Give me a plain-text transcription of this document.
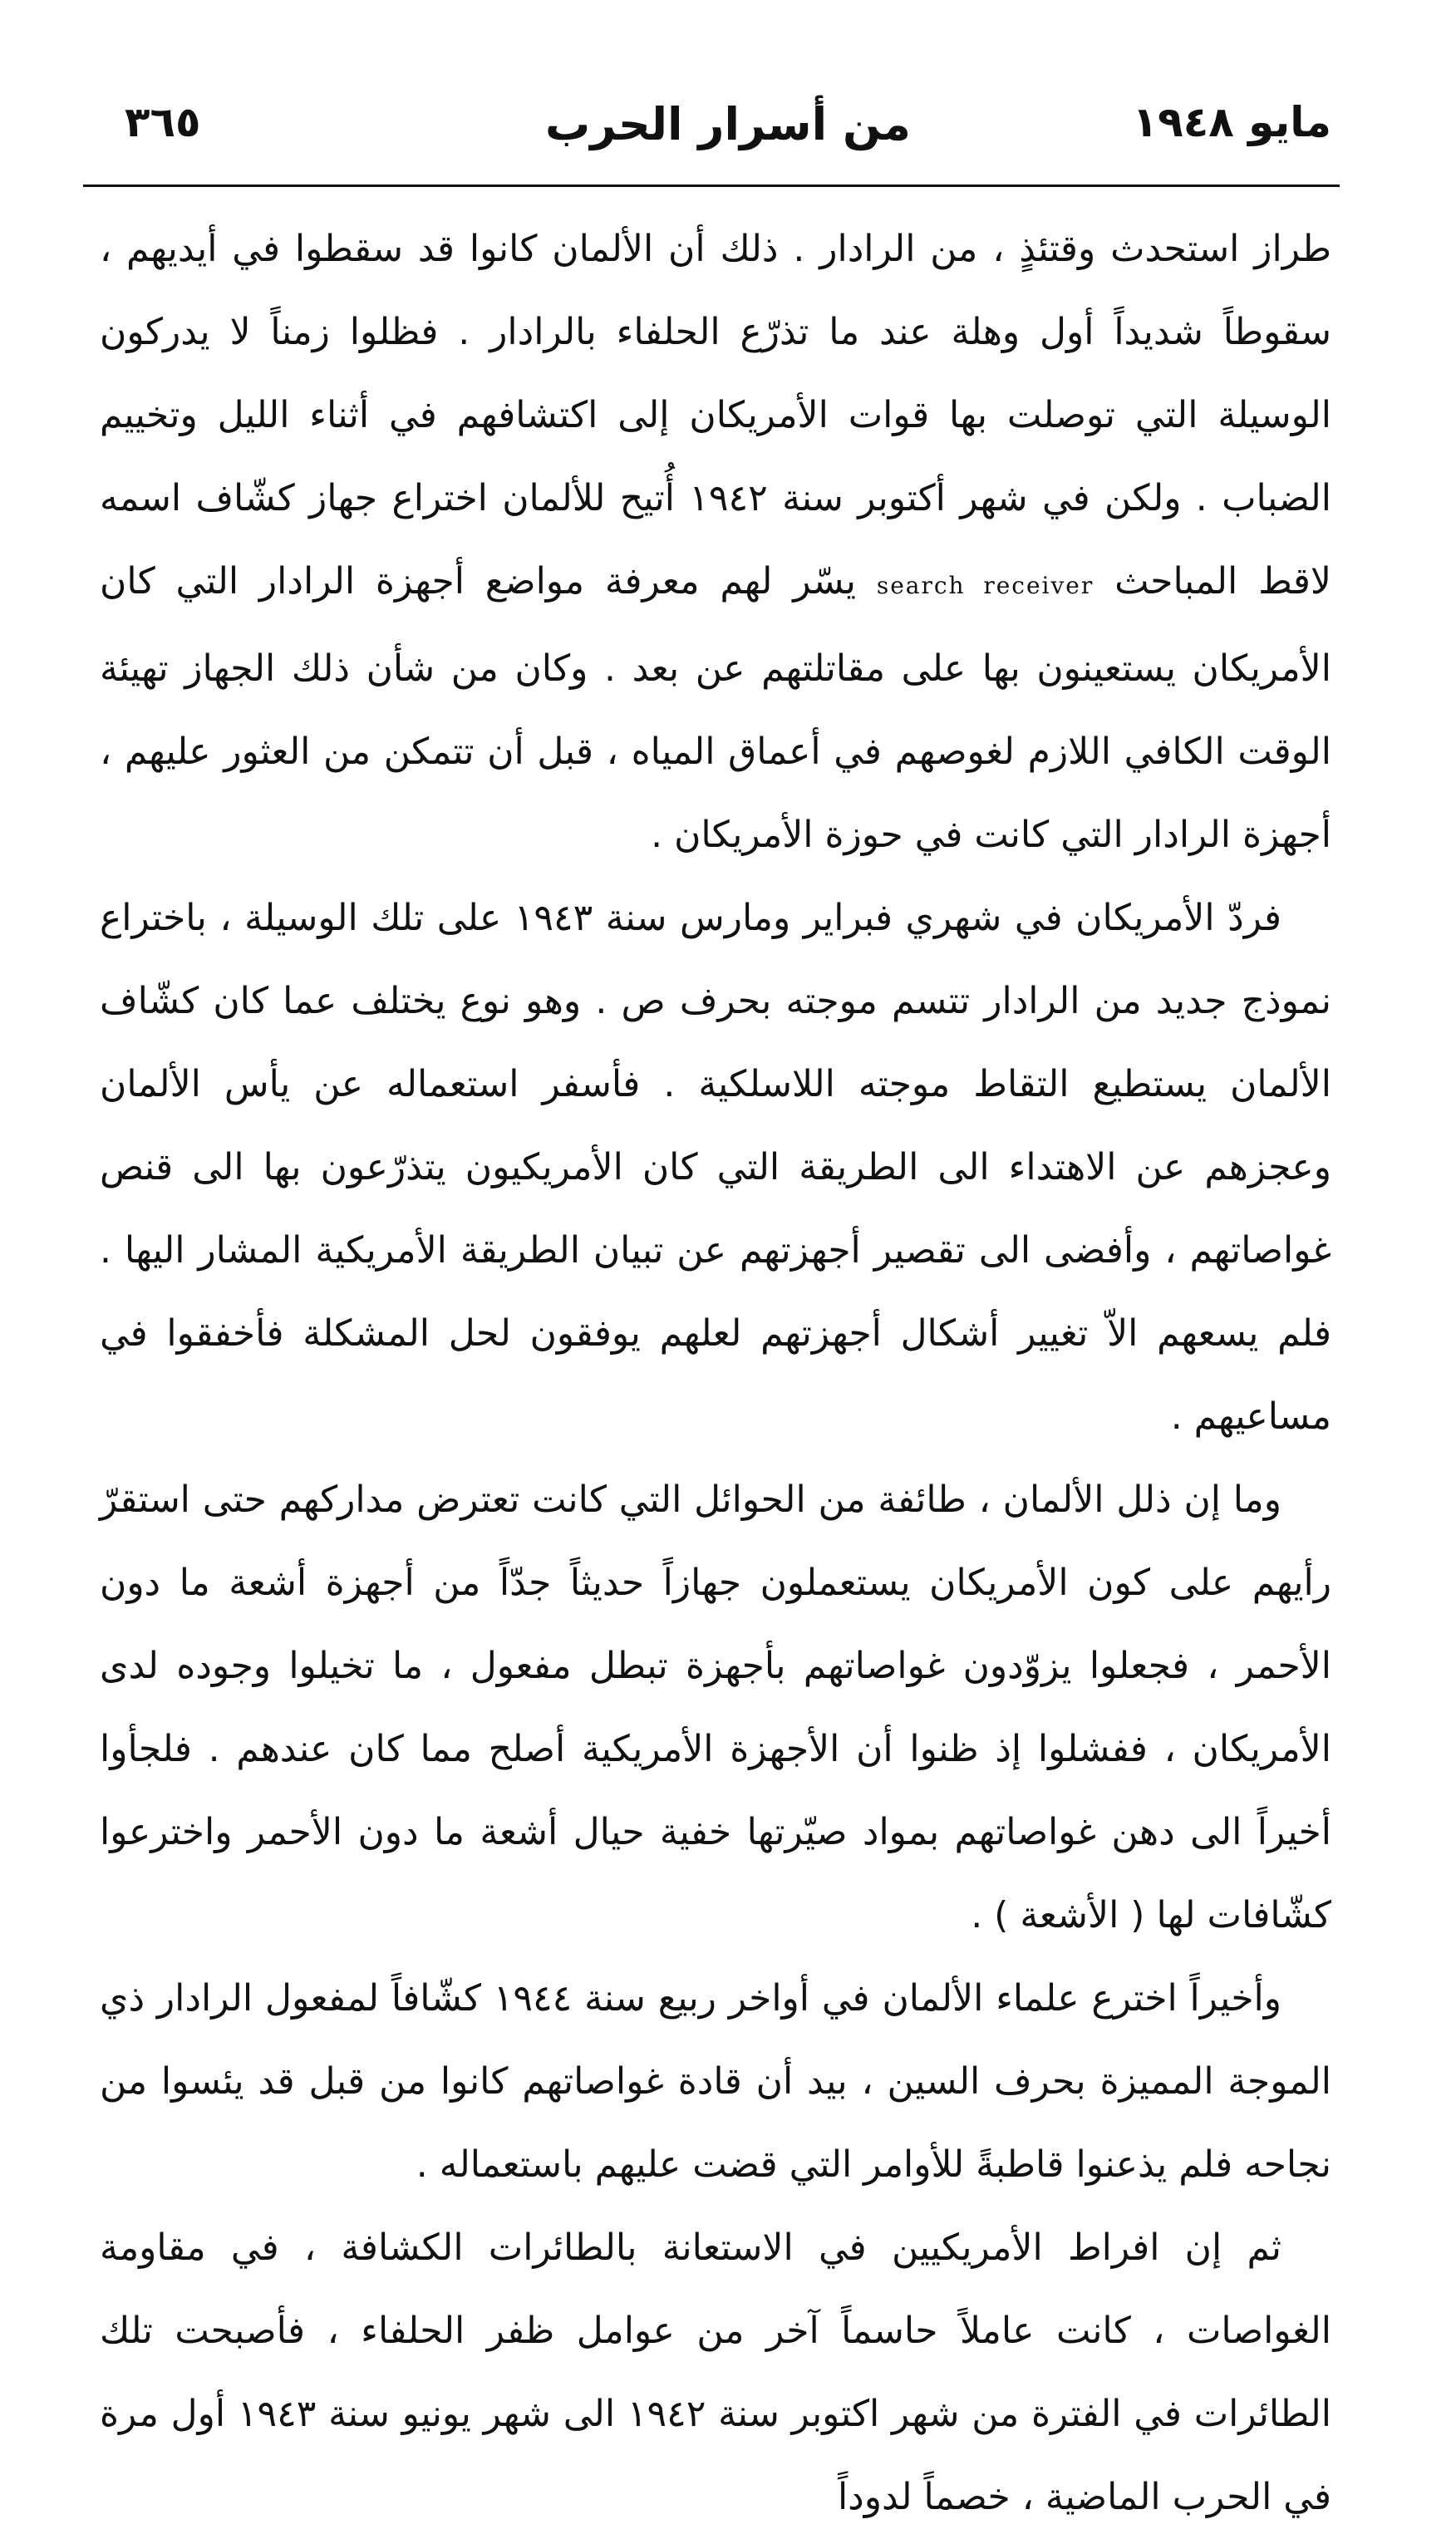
مايو ١٩٤٨
من أسرار الحرب
٣٦٥

طراز استحدث وقتئذٍ ، من الرادار . ذلك أن الألمان كانوا قد سقطوا في أيديهم ، سقوطاً شديداً أول وهلة عند ما تذرّع الحلفاء بالرادار . فظلوا زمناً لا يدركون الوسيلة التي توصلت بها قوات الأمريكان إلى اكتشافهم في أثناء الليل وتخييم الضباب . ولكن في شهر أكتوبر سنة ١٩٤٢ أُتيح للألمان اختراع جهاز كشّاف اسمه لاقط المباحث search receiver يسّر لهم معرفة مواضع أجهزة الرادار التي كان الأمريكان يستعينون بها على مقاتلتهم عن بعد . وكان من شأن ذلك الجهاز تهيئة الوقت الكافي اللازم لغوصهم في أعماق المياه ، قبل أن تتمكن من العثور عليهم ، أجهزة الرادار التي كانت في حوزة الأمريكان .

فردّ الأمريكان في شهري فبراير ومارس سنة ١٩٤٣ على تلك الوسيلة ، باختراع نموذج جديد من الرادار تتسم موجته بحرف ص . وهو نوع يختلف عما كان كشّاف الألمان يستطيع التقاط موجته اللاسلكية . فأسفر استعماله عن يأس الألمان وعجزهم عن الاهتداء الى الطريقة التي كان الأمريكيون يتذرّعون بها الى قنص غواصاتهم ، وأفضى الى تقصير أجهزتهم عن تبيان الطريقة الأمريكية المشار اليها . فلم يسعهم الاّ تغيير أشكال أجهزتهم لعلهم يوفقون لحل المشكلة فأخفقوا في مساعيهم .

وما إن ذلل الألمان ، طائفة من الحوائل التي كانت تعترض مداركهم حتى استقرّ رأيهم على كون الأمريكان يستعملون جهازاً حديثاً جدّاً من أجهزة أشعة ما دون الأحمر ، فجعلوا يزوّدون غواصاتهم بأجهزة تبطل مفعول ، ما تخيلوا وجوده لدى الأمريكان ، ففشلوا إذ ظنوا أن الأجهزة الأمريكية أصلح مما كان عندهم . فلجأوا أخيراً الى دهن غواصاتهم بمواد صيّرتها خفية حيال أشعة ما دون الأحمر واخترعوا كشّافات لها ( الأشعة ) .

وأخيراً اخترع علماء الألمان في أواخر ربيع سنة ١٩٤٤ كشّافاً لمفعول الرادار ذي الموجة المميزة بحرف السين ، بيد أن قادة غواصاتهم كانوا من قبل قد يئسوا من نجاحه فلم يذعنوا قاطبةً للأوامر التي قضت عليهم باستعماله .

ثم إن افراط الأمريكيين في الاستعانة بالطائرات الكشافة ، في مقاومة الغواصات ، كانت عاملاً حاسماً آخر من عوامل ظفر الحلفاء ، فأصبحت تلك الطائرات في الفترة من شهر اكتوبر سنة ١٩٤٢ الى شهر يونيو سنة ١٩٤٣ أول مرة في الحرب الماضية ، خصماً لدوداً
